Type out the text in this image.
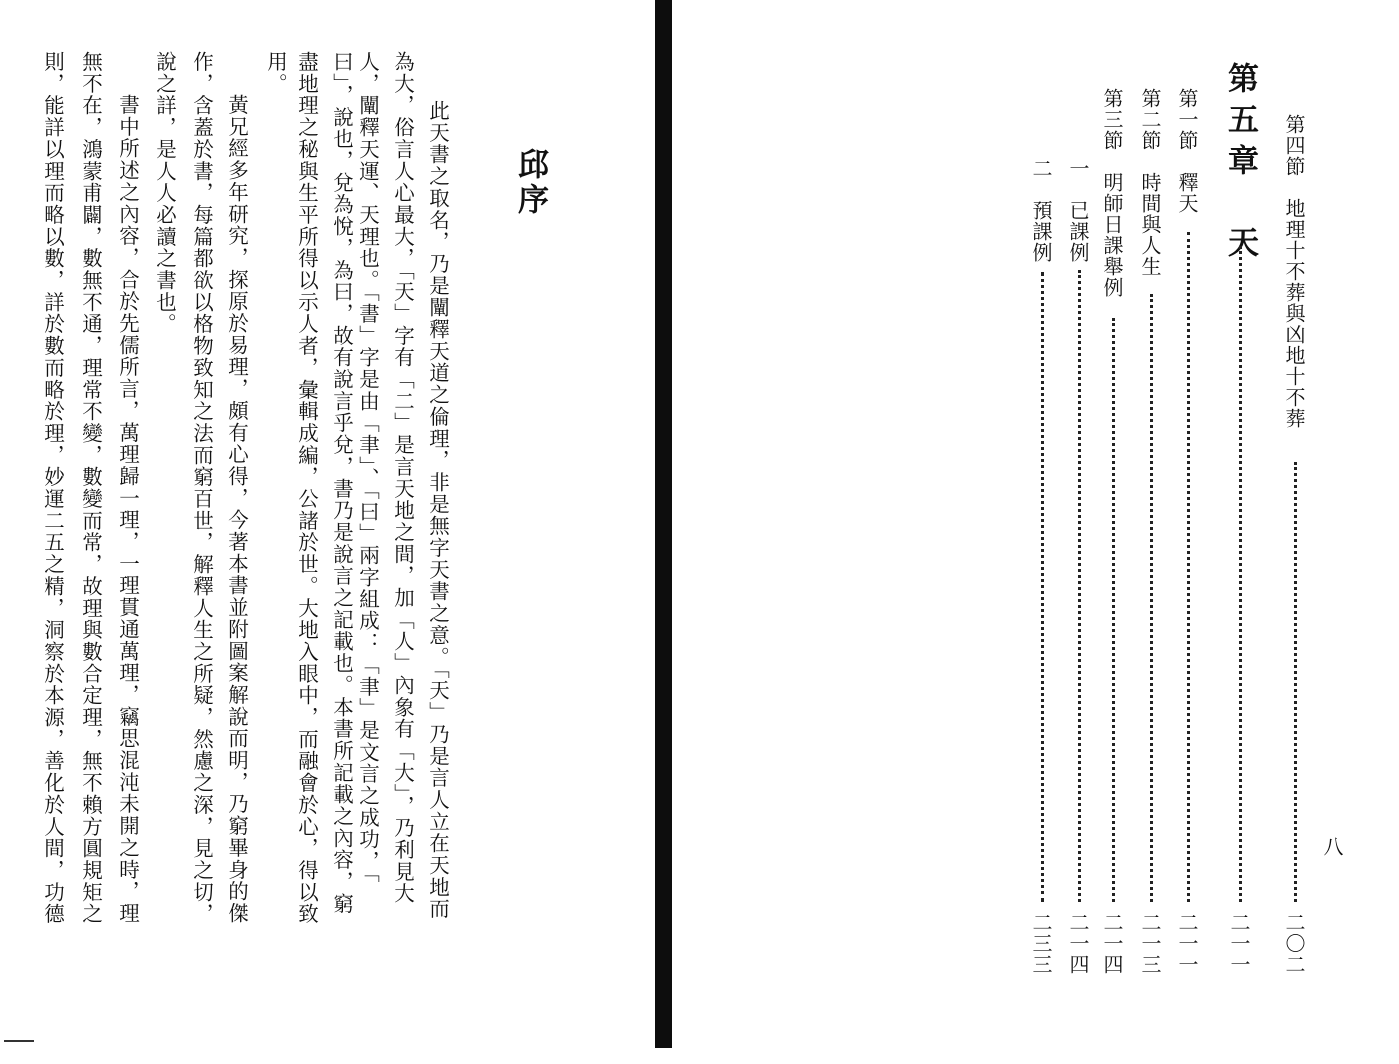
邱序
此天書之取名，乃是闡釋天道之倫理，非是無字天書之意。「天」乃是言人立在天地而
為大，俗言人心最大，「天」字有「二」是言天地之間，加「人」內象有「大」，乃利見大
人，闡釋天運、天理也。「書」字是由「聿」、「曰」兩字組成：「聿」是文言之成功，「
曰」，說也，兌為悅，為曰，故有說言乎兌，書乃是說言之記載也。本書所記載之內容，窮
盡地理之秘與生平所得以示人者，彙輯成編，公諸於世。大地入眼中，而融會於心，得以致
用。
黃兄經多年研究，探原於易理，頗有心得，今著本書並附圖案解說而明，乃窮畢身的傑
作，含蓋於書，每篇都欲以格物致知之法而窮百世，解釋人生之所疑，然慮之深，見之切，
說之詳，是人人必讀之書也。
書中所述之內容，合於先儒所言，萬理歸一理，一理貫通萬理，竊思混沌未開之時，理
無不在，鴻蒙甫闢，數無不通，理常不變，數變而常，故理與數合定理，無不賴方圓規矩之
則，能詳以理而略以數，詳於數而略於理，妙運二五之精，洞察於本源，善化於人間，功德	第四節　地理十不葬與凶地十不葬
二〇二
第五章　天
二一一
第一節　釋天
二一一
第二節　時間與人生
二一三
第三節　明師日課舉例
二一四
一　已課例
二一四
二　預課例
二三三
八
